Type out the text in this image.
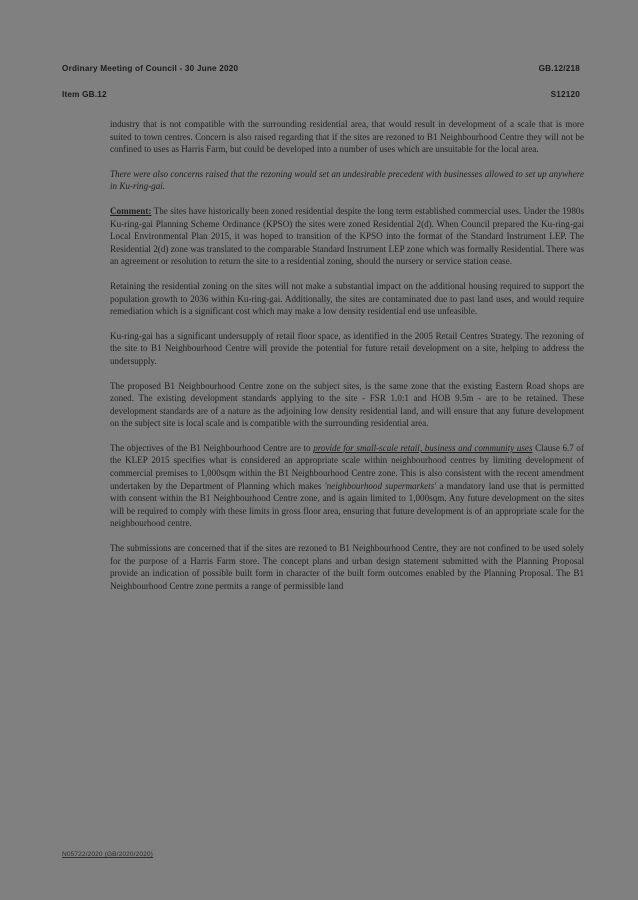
Ordinary Meeting of Council - 30 June 2020	GB.12/218
Item GB.12	S12120

industry that is not compatible with the surrounding residential area, that would result in development of a scale that is more suited to town centres. Concern is also raised regarding that if the sites are rezoned to B1 Neighbourhood Centre they will not be confined to uses as Harris Farm, but could be developed into a number of uses which are unsuitable for the local area.

There were also concerns raised that the rezoning would set an undesirable precedent with businesses allowed to set up anywhere in Ku-ring-gai.

Comment: The sites have historically been zoned residential despite the long term established commercial uses. Under the 1980s Ku-ring-gai Planning Scheme Ordinance (KPSO) the sites were zoned Residential 2(d). When Council prepared the Ku-ring-gai Local Environmental Plan 2015, it was hoped to transition of the KPSO into the format of the Standard Instrument LEP. The Residential 2(d) zone was translated to the comparable Standard Instrument LEP zone which was formally Residential. There was an agreement or resolution to return the site to a residential zoning, should the nursery or service station cease.

Retaining the residential zoning on the sites will not make a substantial impact on the additional housing required to support the population growth to 2036 within Ku-ring-gai. Additionally, the sites are contaminated due to past land uses, and would require remediation which is a significant cost which may make a low density residential end use unfeasible.

Ku-ring-gai has a significant undersupply of retail floor space, as identified in the 2005 Retail Centres Strategy. The rezoning of the site to B1 Neighbourhood Centre will provide the potential for future retail development on a site, helping to address the undersupply.

The proposed B1 Neighbourhood Centre zone on the subject sites, is the same zone that the existing Eastern Road shops are zoned. The existing development standards applying to the site - FSR 1.0:1 and HOB 9.5m - are to be retained. These development standards are of a nature as the adjoining low density residential land, and will ensure that any future development on the subject site is local scale and is compatible with the surrounding residential area.

The objectives of the B1 Neighbourhood Centre are to provide for small-scale retail, business and community uses Clause 6.7 of the KLEP 2015 specifies what is considered an appropriate scale within neighbourhood centres by limiting development of commercial premises to 1,000sqm within the B1 Neighbourhood Centre zone. This is also consistent with the recent amendment undertaken by the Department of Planning which makes 'neighbourhood supermarkets' a mandatory land use that is permitted with consent within the B1 Neighbourhood Centre zone, and is again limited to 1,000sqm. Any future development on the sites will be required to comply with these limits in gross floor area, ensuring that future development is of an appropriate scale for the neighbourhood centre.

The submissions are concerned that if the sites are rezoned to B1 Neighbourhood Centre, they are not confined to be used solely for the purpose of a Harris Farm store. The concept plans and urban design statement submitted with the Planning Proposal provide an indication of possible built form in character of the built form outcomes enabled by the Planning Proposal. The B1 Neighbourhood Centre zone permits a range of permissible land

N05722/2020 (GB/2020/2020)
